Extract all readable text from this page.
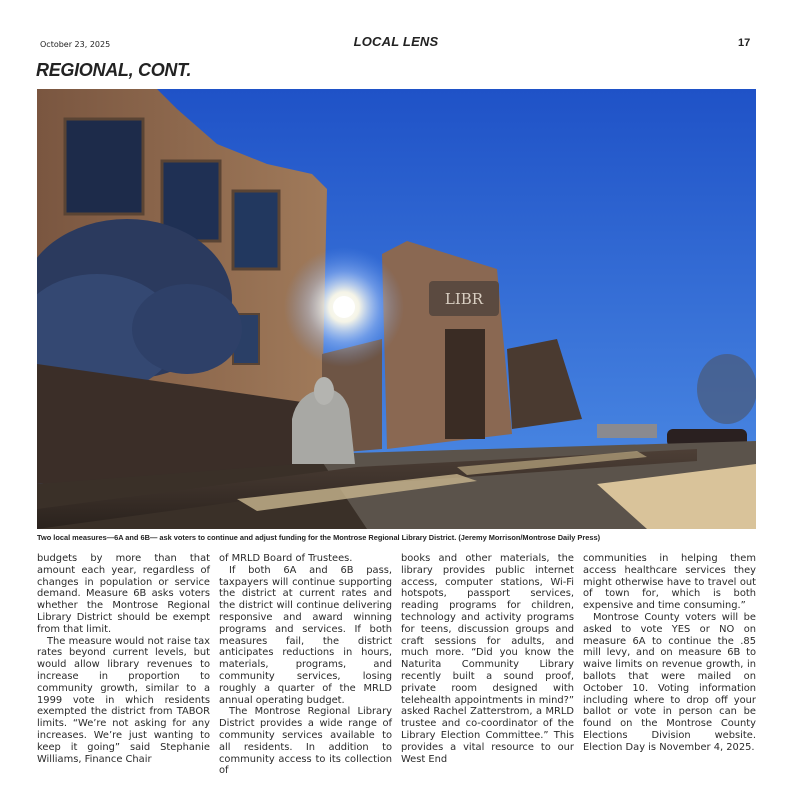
October 23, 2025	LOCAL LENS	17
REGIONAL, CONT.
LIBR
Two local measures—6A and 6B— ask voters to continue and adjust funding for the Montrose Regional Library District. (Jeremy Morrison/Montrose Daily Press)

budgets by more than that amount each year, regardless of changes in population or service demand. Measure 6B asks voters whether the Montrose Regional Library District should be exempt from that limit.

The measure would not raise tax rates beyond current levels, but would allow library revenues to increase in proportion to community growth, similar to a 1999 vote in which residents exempted the district from TABOR limits. “We’re not asking for any increases. We’re just wanting to keep it going” said Stephanie Williams, Finance Chair

of MRLD Board of Trustees.

If both 6A and 6B pass, taxpayers will continue supporting the district at current rates and the district will continue delivering responsive and award winning programs and services. If both measures fail, the district anticipates reductions in hours, materials, programs, and community services, losing roughly a quarter of the MRLD annual operating budget.

The Montrose Regional Library District provides a wide range of community services available to all residents. In addition to community access to its collection of

books and other materials, the library provides public internet access, computer stations, Wi-Fi hotspots, passport services, reading programs for children, technology and activity programs for teens, discussion groups and craft sessions for adults, and much more. “Did you know the Naturita Community Library recently built a sound proof, private room designed with telehealth appointments in mind?” asked Rachel Zatterstrom, a MRLD trustee and co-coordinator of the Library Election Committee.” This provides a vital resource to our West End

communities in helping them access healthcare services they might otherwise have to travel out of town for, which is both expensive and time consuming.”

Montrose County voters will be asked to vote YES or NO on measure 6A to continue the .85 mill levy, and on measure 6B to waive limits on revenue growth, in ballots that were mailed on October 10. Voting information including where to drop off your ballot or vote in person can be found on the Montrose County Elections Division website. Election Day is November 4, 2025.
